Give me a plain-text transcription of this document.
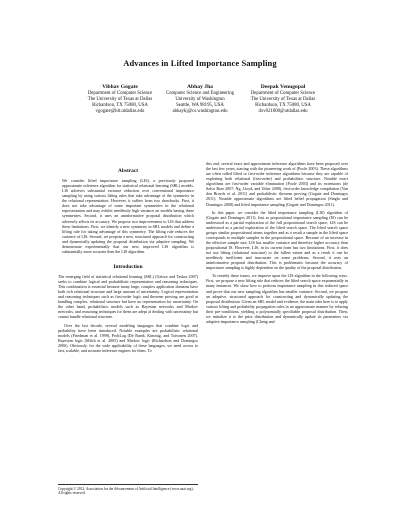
Advances in Lifted Importance Sampling
Vibhav Gogate
Department of Computer Science
The University of Texas at Dallas
Richardson, TX 75080, USA
vgogate@hlt.utdallas.edu
Abhay Jha
Computer Science and Engineering
University of Washington
Seattle, WA 98195, USA
abhaykj@cs.washington.edu
Deepak Venugopal
Department of Computer Science
The University of Texas at Dallas
Richardson, TX 75080, USA
dxv021000@utdallas.edu
Abstract
We consider lifted importance sampling (LIS), a previously proposed approximate inference algorithm for statistical relational learning (SRL) models. LIS achieves substantial variance reduction over conventional importance sampling by using various lifting rules that take advantage of the symmetry in the relational representation. However, it suffers from two drawbacks. First, it does not take advantage of some important symmetries in the relational representation and may exhibit needlessly high variance on models having these symmetries. Second, it uses an uninformative proposal distribution which adversely affects its accuracy. We propose two improvements to LIS that address these limitations. First, we identify a new symmetry in SRL models and define a lifting rule for taking advantage of this symmetry. The lifting rule reduces the variance of LIS. Second, we propose a new, structured approach for constructing and dynamically updating the proposal distribution via adaptive sampling. We demonstrate experimentally that our new, improved LIS algorithm is substantially more accurate than the LIS algorithm.
Introduction

The emerging field of statistical relational learning (SRL) (Getoor and Taskar 2007) seeks to combine logical and probabilistic representation and reasoning techniques. This combination is essential because many large, complex application domains have both rich relational structure and large amount of uncertainty. Logical representation and reasoning techniques such as first-order logic and theorem proving are good at handling complex, relational structure but have no representation for uncertainty. On the other hand, probabilistic models such as Bayesian networks and Markov networks, and reasoning techniques for them are adept at dealing with uncertainty but cannot handle relational structure.

Over the last decade, several modeling languages that combine logic and probability have been introduced. Notable examples are probabilistic relational models (Friedman et al. 1999), ProbLog (De Raedt, Kimmig, and Toivonen 2007), Bayesian logic (Milch et al. 2005) and Markov logic (Richardson and Domingos 2006). Obviously, for the wide applicability of these languages, we need access to fast, scalable, and accurate inference engines for them. To

this end, several exact and approximate inference algorithms have been proposed over the last few years, starting with the pioneering work of (Poole 2003). These algorithms are often called lifted or first-order inference algorithms because they are capable of exploiting both relational (first-order) and probabilistic structure. Notable exact algorithms are first-order variable elimination (Poole 2003) and its extensions (de Salvo Braz 2007; Ng, Lloyd, and Uther 2008), first-order knowledge compilation (Van den Broeck et al. 2011) and probabilistic theorem proving (Gogate and Domingos 2011). Notable approximate algorithms are lifted belief propagation (Singla and Domingos 2008) and lifted importance sampling (Gogate and Domingos 2011).

In this paper, we consider the lifted importance sampling (LIS) algorithm of (Gogate and Domingos 2011). Just as propositional importance sampling (IS) can be understood as a partial exploration of the full propositional search space, LIS can be understood as a partial exploration of the lifted search space. The lifted search space groups similar propositional atoms together and as a result a sample in the lifted space corresponds to multiple samples in the propositional space. Because of an increase in the effective sample size, LIS has smaller variance and therefore higher accuracy than propositional IS. However, LIS, in its current form has two limitations. First, it does not use lifting (relational structure) to the fullest extent and as a result it can be needlessly inefficient and inaccurate on some problems. Second, it uses an uninformative proposal distribution. This is problematic because the accuracy of importance sampling is highly dependent on the quality of the proposal distribution.

To remedy these issues, we improve upon the LIS algorithm in the following ways. First, we propose a new lifting rule that reduces the lifted search space exponentially in many instances. We show how to perform importance sampling in this reduced space and prove that our new sampling algorithm has smaller variance. Second, we propose an adaptive, structured approach for constructing and dynamically updating the proposal distribution. Given an SRL model and evidence, the main idea here is to apply various lifting and probability propagation rules in an approximate manner by relaxing their pre-conditions, yielding a polynomially specifiable proposal distribution. Then, we initialize it to the prior distribution and dynamically update its parameters via adaptive importance sampling (Cheng and

Copyright © 2012, Association for the Advancement of Artificial Intelligence (www.aaai.org). All rights reserved.
